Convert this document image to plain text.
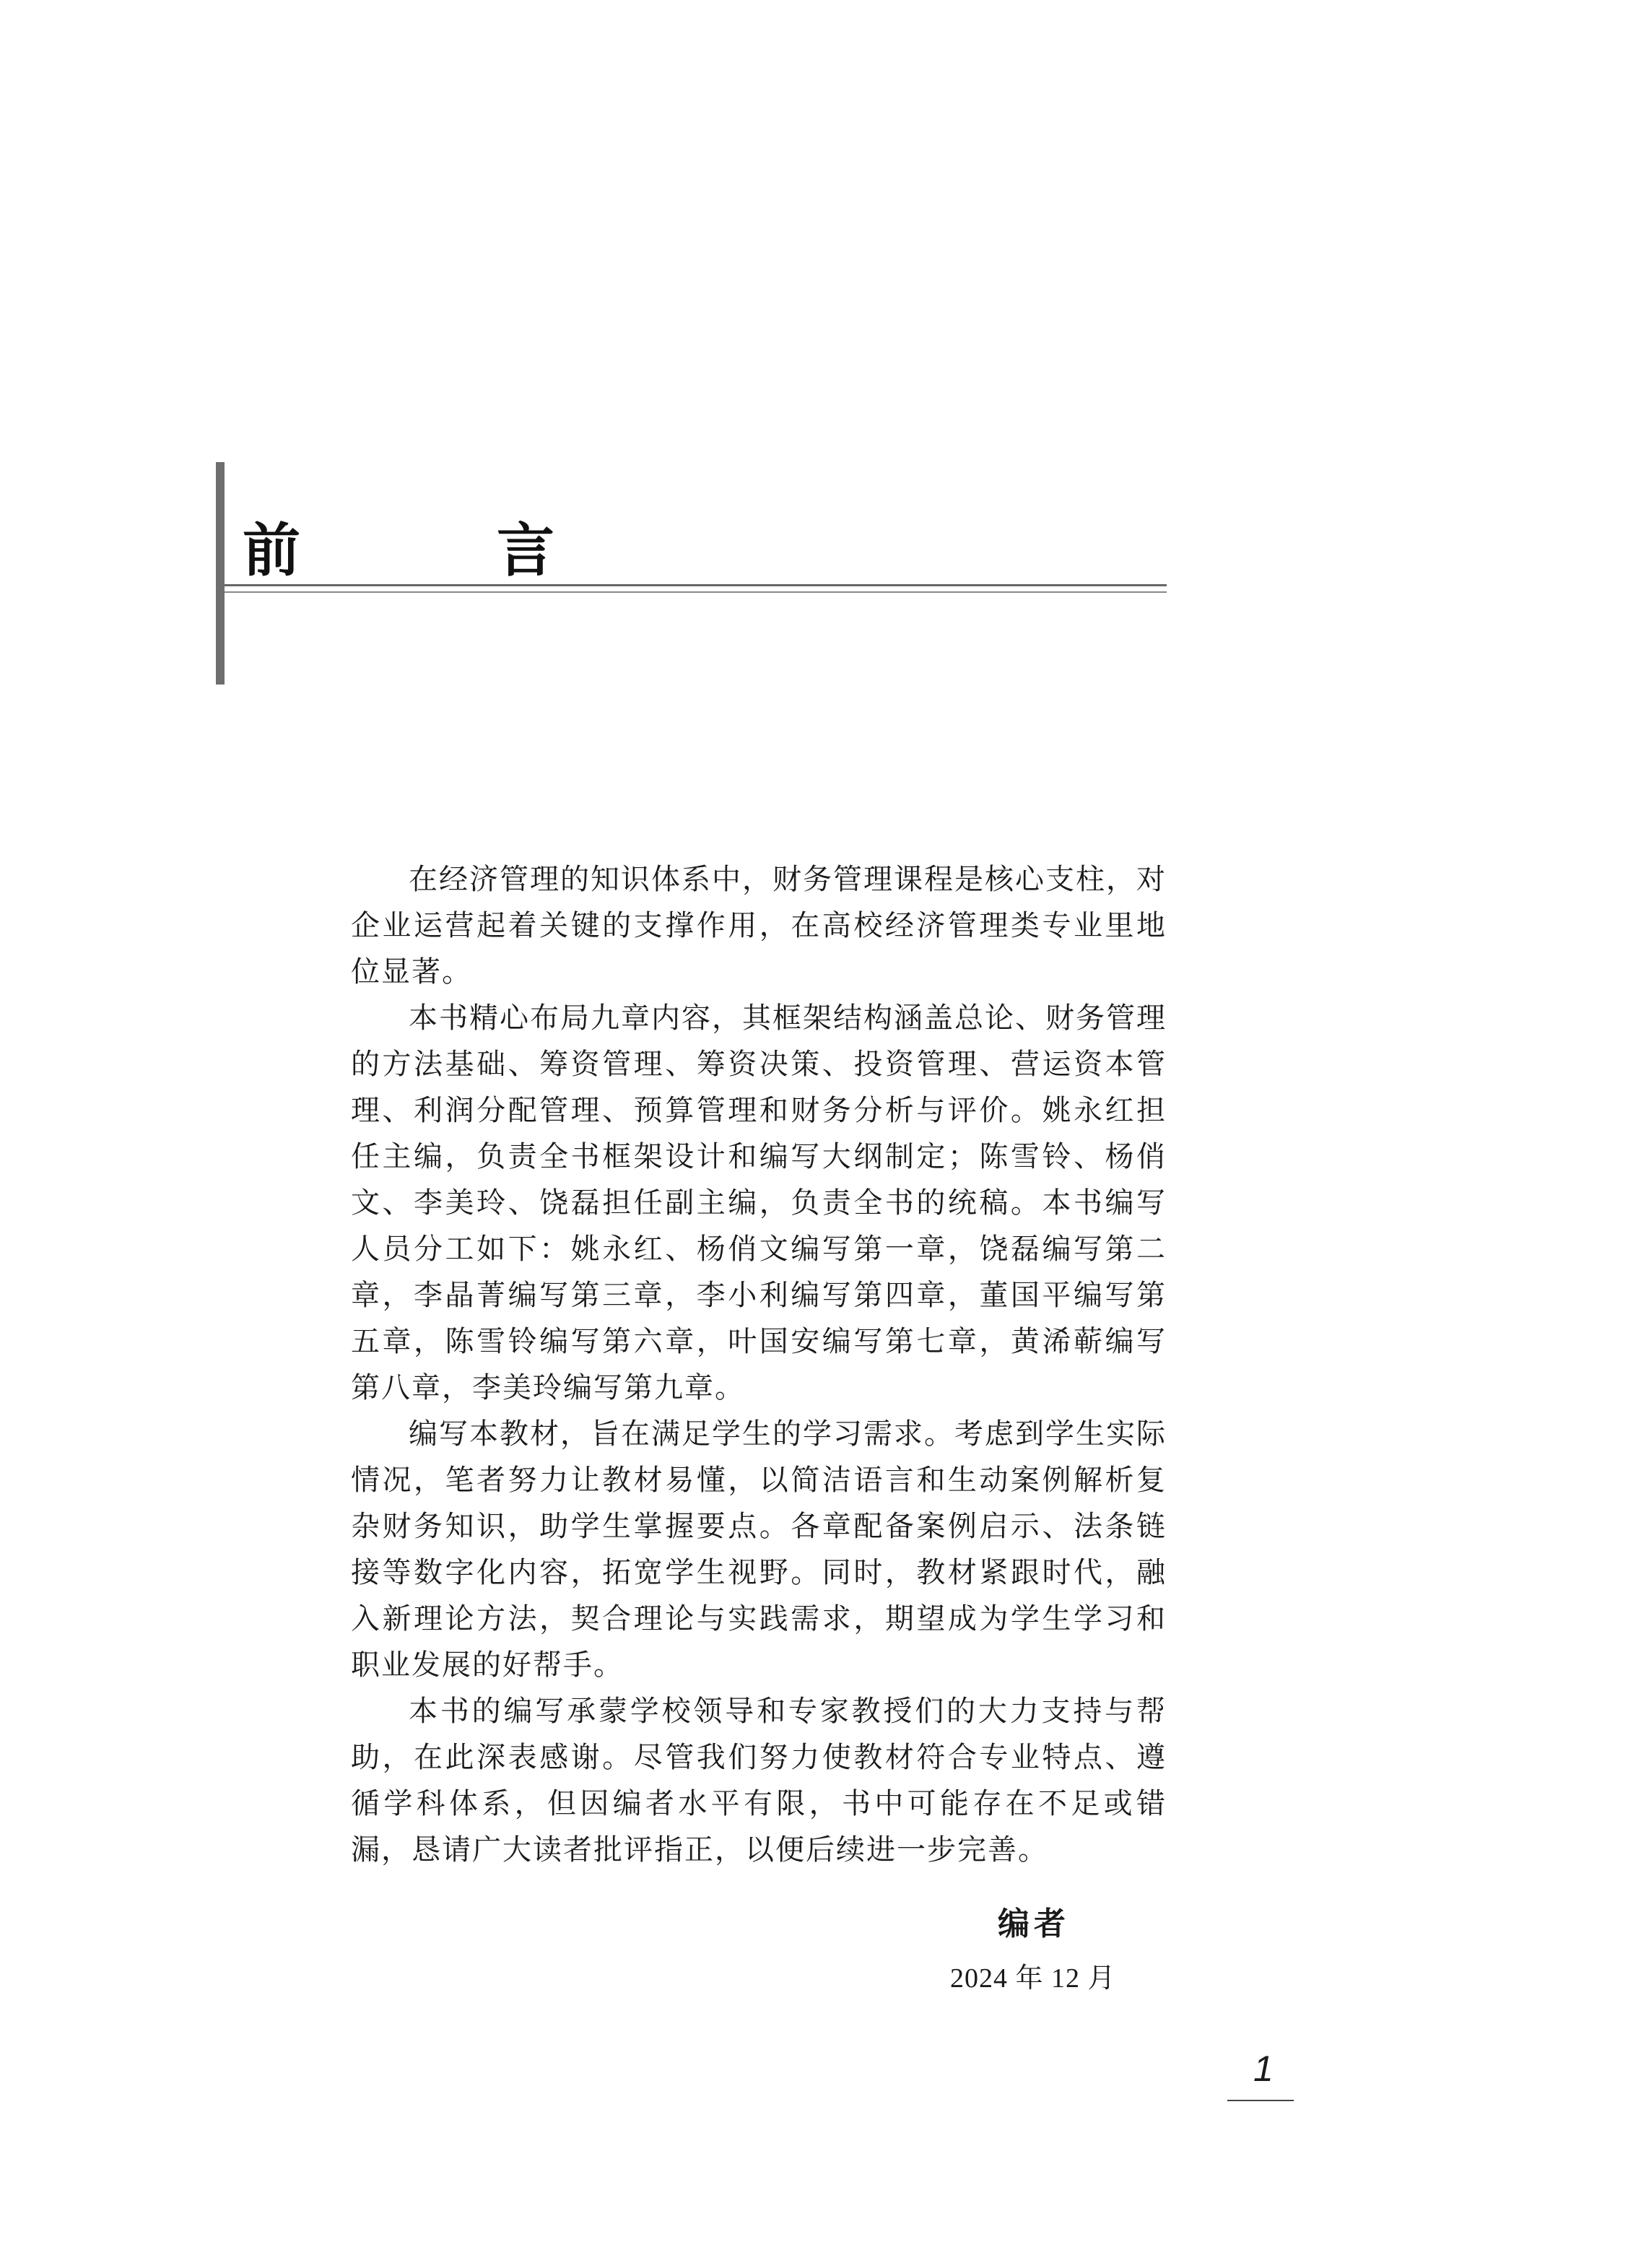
前　言

在经济管理的知识体系中，财务管理课程是核心支柱，对企业运营起着关键的支撑作用，在高校经济管理类专业里地位显著。

本书精心布局九章内容，其框架结构涵盖总论、财务管理的方法基础、筹资管理、筹资决策、投资管理、营运资本管理、利润分配管理、预算管理和财务分析与评价。姚永红担任主编，负责全书框架设计和编写大纲制定；陈雪铃、杨俏文、李美玲、饶磊担任副主编，负责全书的统稿。本书编写人员分工如下：姚永红、杨俏文编写第一章，饶磊编写第二章，李晶菁编写第三章，李小利编写第四章，董国平编写第五章，陈雪铃编写第六章，叶国安编写第七章，黄浠蕲编写第八章，李美玲编写第九章。

编写本教材，旨在满足学生的学习需求。考虑到学生实际情况，笔者努力让教材易懂，以简洁语言和生动案例解析复杂财务知识，助学生掌握要点。各章配备案例启示、法条链接等数字化内容，拓宽学生视野。同时，教材紧跟时代，融入新理论方法，契合理论与实践需求，期望成为学生学习和职业发展的好帮手。

本书的编写承蒙学校领导和专家教授们的大力支持与帮助，在此深表感谢。尽管我们努力使教材符合专业特点、遵循学科体系，但因编者水平有限，书中可能存在不足或错漏，恳请广大读者批评指正，以便后续进一步完善。

编者
2024 年 12 月
1
